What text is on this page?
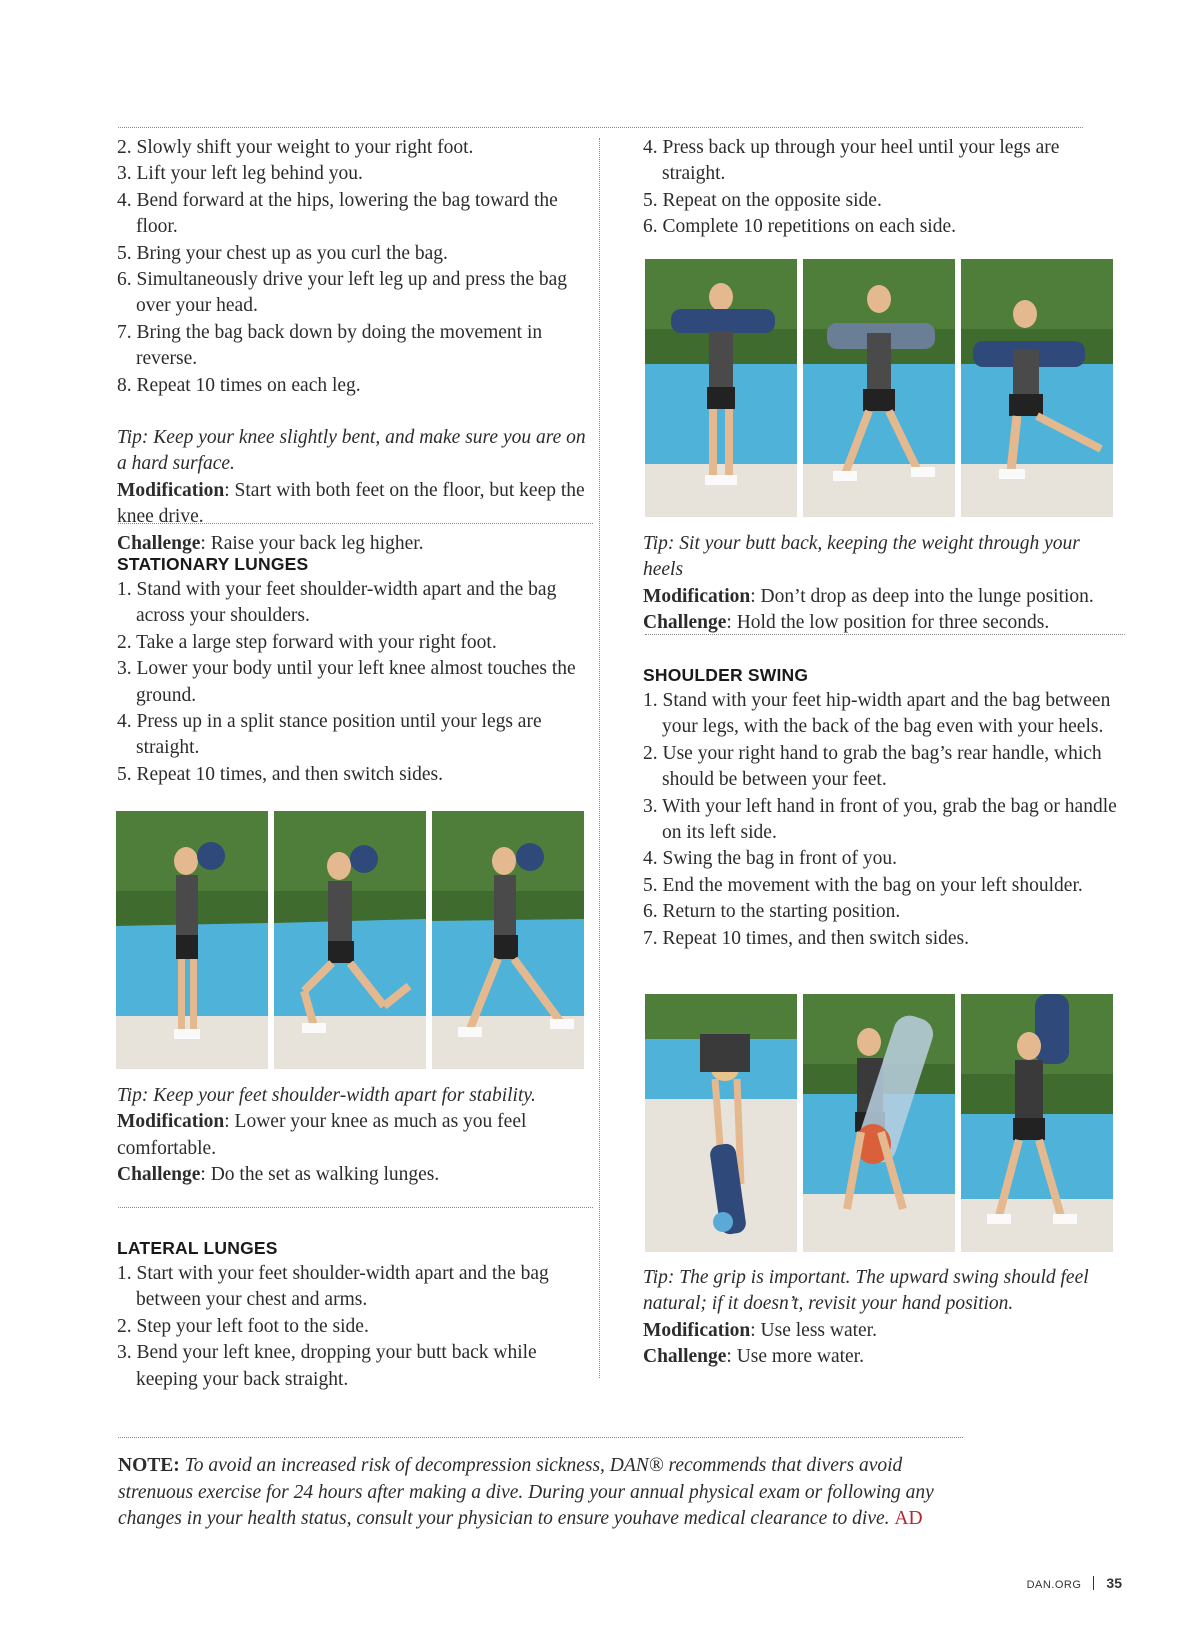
2. Slowly shift your weight to your right foot.

3. Lift your left leg behind you.

4. Bend forward at the hips, lowering the bag toward the floor.

5. Bring your chest up as you curl the bag.

6. Simultaneously drive your left leg up and press the bag over your head.

7. Bring the bag back down by doing the movement in reverse.

8. Repeat 10 times on each leg.

Tip: Keep your knee slightly bent, and make sure you are on a hard surface.

Modification: Start with both feet on the floor, but keep the knee drive.

Challenge: Raise your back leg higher.

STATIONARY LUNGES

1. Stand with your feet shoulder-width apart and the bag across your shoulders.

2. Take a large step forward with your right foot.

3. Lower your body until your left knee almost touches the ground.

4. Press up in a split stance position until your legs are straight.

5. Repeat 10 times, and then switch sides.

Tip: Keep your feet shoulder-width apart for stability.

Modification: Lower your knee as much as you feel comfortable.

Challenge: Do the set as walking lunges.

LATERAL LUNGES

1. Start with your feet shoulder-width apart and the bag between your chest and arms.

2. Step your left foot to the side.

3. Bend your left knee, dropping your butt back while keeping your back straight.

4. Press back up through your heel until your legs are straight.

5. Repeat on the opposite side.

6. Complete 10 repetitions on each side.

Tip: Sit your butt back, keeping the weight through your heels

Modification: Don’t drop as deep into the lunge position.

Challenge: Hold the low position for three seconds.

SHOULDER SWING

1. Stand with your feet hip-width apart and the bag between your legs, with the back of the bag even with your heels.

2. Use your right hand to grab the bag’s rear handle, which should be between your feet.

3. With your left hand in front of you, grab the bag or handle on its left side.

4. Swing the bag in front of you.

5. End the movement with the bag on your left shoulder.

6. Return to the starting position.

7. Repeat 10 times, and then switch sides.

Tip: The grip is important. The upward swing should feel natural; if it doesn’t, revisit your hand position.

Modification: Use less water.

Challenge: Use more water.

NOTE: To avoid an increased risk of decompression sickness, DAN® recommends that divers avoid strenuous exercise for 24 hours after making a dive. During your annual physical exam or following any changes in your health status, consult your physician to ensure youhave medical clearance to dive. AD
DAN.ORG 35
